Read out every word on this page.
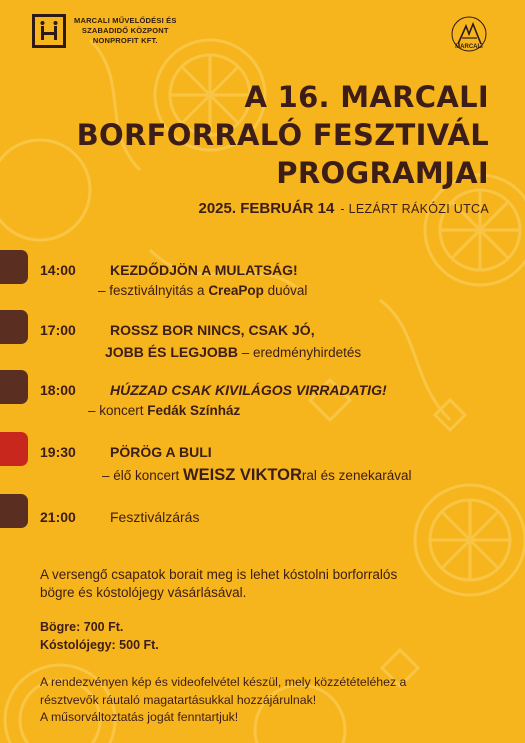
MARCALI MŰVELŐDÉSI ÉS
SZABADIDŐ KÖZPONT
NONPROFIT KFT.
MARCALI
A 16. MARCALI
BORFORRALÓ FESZTIVÁL
PROGRAMJAI
2025. FEBRUÁR 14 - LEZÁRT RÁKÓZI UTCA
14:00 KEZDŐDJÖN A MULATSÁG!
– fesztiválnyitás a CreaPop duóval
17:00 ROSSZ BOR NINCS, CSAK JÓ,
JOBB ÉS LEGJOBB – eredményhirdetés
18:00 HÚZZAD CSAK KIVILÁGOS VIRRADATIG!
– koncert Fedák Színház
19:30 PÖRÖG A BULI
– élő koncert WEISZ VIKTORral és zenekarával
21:00 Fesztiválzárás
A versengő csapatok borait meg is lehet kóstolni borforralós
bögre és kóstolójegy vásárlásával.
Bögre: 700 Ft.
Kóstolójegy: 500 Ft.
A rendezvényen kép és videofelvétel készül, mely közzétételéhez a
résztvevők ráutaló magatartásukkal hozzájárulnak!
A műsorváltoztatás jogát fenntartjuk!
